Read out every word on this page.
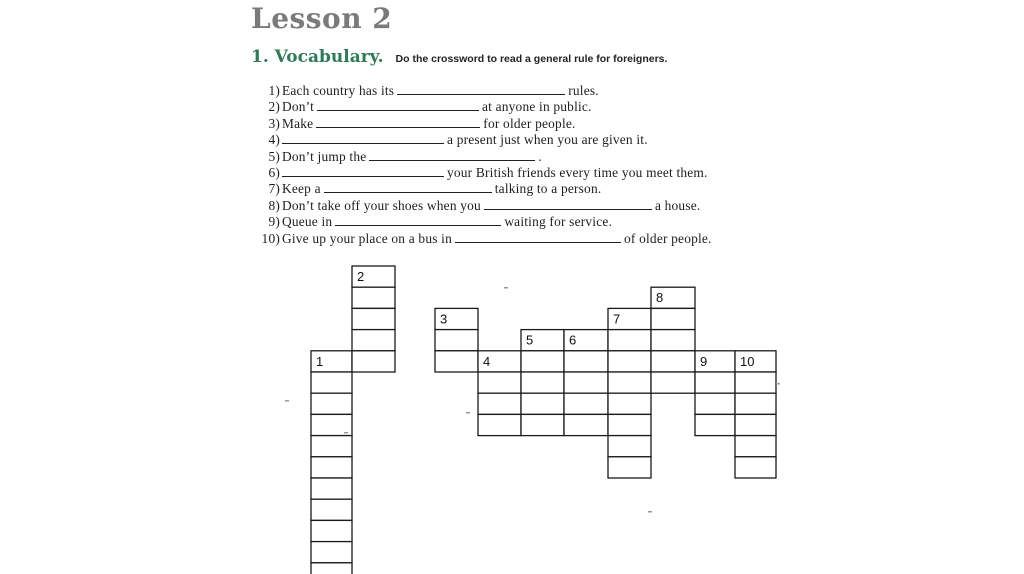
Lesson 2
1. Vocabulary. Do the crossword to read a general rule for foreigners.
1) Each country has its	rules.
2) Don’t	at anyone in public.
3) Make	for older people.
4)	a present just when you are given it.
5) Don’t jump the	.
6)	your British friends every time you meet them.
7) Keep a	talking to a person.
8) Don’t take off your shoes when you	a house.
9) Queue in	waiting for service.
10) Give up your place on a bus in	of older people.
1
2
3
4
5	6
7
8
9	10
